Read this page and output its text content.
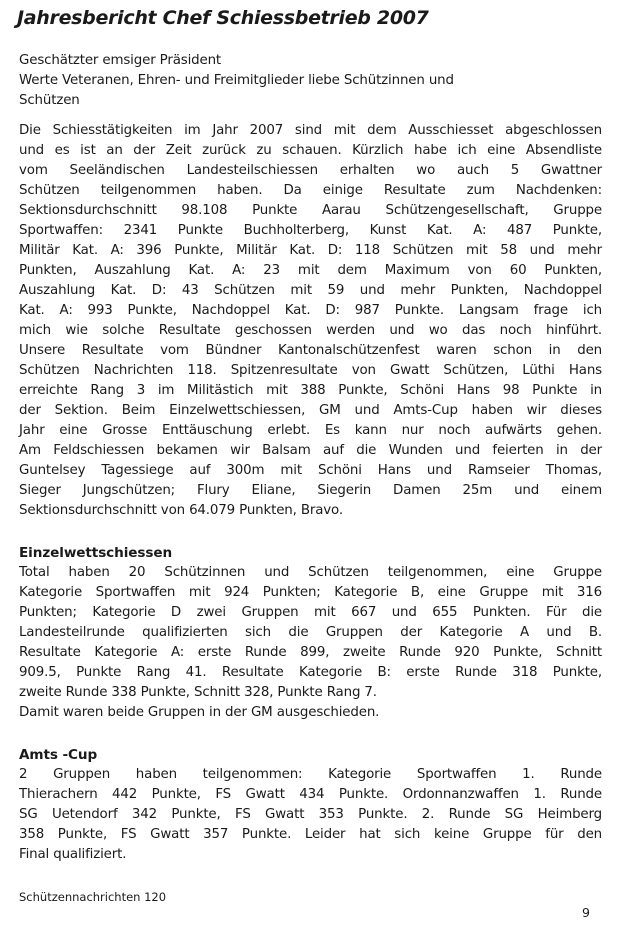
Jahresbericht Chef Schiessbetrieb 2007
Geschätzter emsiger Präsident
Werte Veteranen, Ehren- und Freimitglieder liebe Schützinnen und
Schützen
Die Schiesstätigkeiten im Jahr 2007 sind mit dem Ausschiesset abgeschlossen
und es ist an der Zeit zurück zu schauen. Kürzlich habe ich eine Absendliste
vom Seeländischen Landesteilschiessen erhalten wo auch 5 Gwattner
Schützen teilgenommen haben. Da einige Resultate zum Nachdenken:
Sektionsdurchschnitt 98.108 Punkte Aarau Schützengesellschaft, Gruppe
Sportwaffen: 2341 Punkte Buchholterberg, Kunst Kat. A: 487 Punkte,
Militär Kat. A: 396 Punkte, Militär Kat. D: 118 Schützen mit 58 und mehr
Punkten, Auszahlung Kat. A: 23 mit dem Maximum von 60 Punkten,
Auszahlung Kat. D: 43 Schützen mit 59 und mehr Punkten, Nachdoppel
Kat. A: 993 Punkte, Nachdoppel Kat. D: 987 Punkte. Langsam frage ich
mich wie solche Resultate geschossen werden und wo das noch hinführt.
Unsere Resultate vom Bündner Kantonalschützenfest waren schon in den
Schützen Nachrichten 118. Spitzenresultate von Gwatt Schützen, Lüthi Hans
erreichte Rang 3 im Militästich mit 388 Punkte, Schöni Hans 98 Punkte in
der Sektion. Beim Einzelwettschiessen, GM und Amts-Cup haben wir dieses
Jahr eine Grosse Enttäuschung erlebt. Es kann nur noch aufwärts gehen.
Am Feldschiessen bekamen wir Balsam auf die Wunden und feierten in der
Guntelsey Tagessiege auf 300m mit Schöni Hans und Ramseier Thomas,
Sieger Jungschützen; Flury Eliane, Siegerin Damen 25m und einem
Sektionsdurchschnitt von 64.079 Punkten, Bravo.
Einzelwettschiessen
Total haben 20 Schützinnen und Schützen teilgenommen, eine Gruppe
Kategorie Sportwaffen mit 924 Punkten; Kategorie B, eine Gruppe mit 316
Punkten; Kategorie D zwei Gruppen mit 667 und 655 Punkten. Für die
Landesteilrunde qualifizierten sich die Gruppen der Kategorie A und B.
Resultate Kategorie A: erste Runde 899, zweite Runde 920 Punkte, Schnitt
909.5, Punkte Rang 41. Resultate Kategorie B: erste Runde 318 Punkte,
zweite Runde 338 Punkte, Schnitt 328, Punkte Rang 7.
Damit waren beide Gruppen in der GM ausgeschieden.
Amts -Cup
2 Gruppen haben teilgenommen: Kategorie Sportwaffen 1. Runde
Thierachern 442 Punkte, FS Gwatt 434 Punkte. Ordonnanzwaffen 1. Runde
SG Uetendorf 342 Punkte, FS Gwatt 353 Punkte. 2. Runde SG Heimberg
358 Punkte, FS Gwatt 357 Punkte. Leider hat sich keine Gruppe für den
Final qualifiziert.
Schützennachrichten 120
9
